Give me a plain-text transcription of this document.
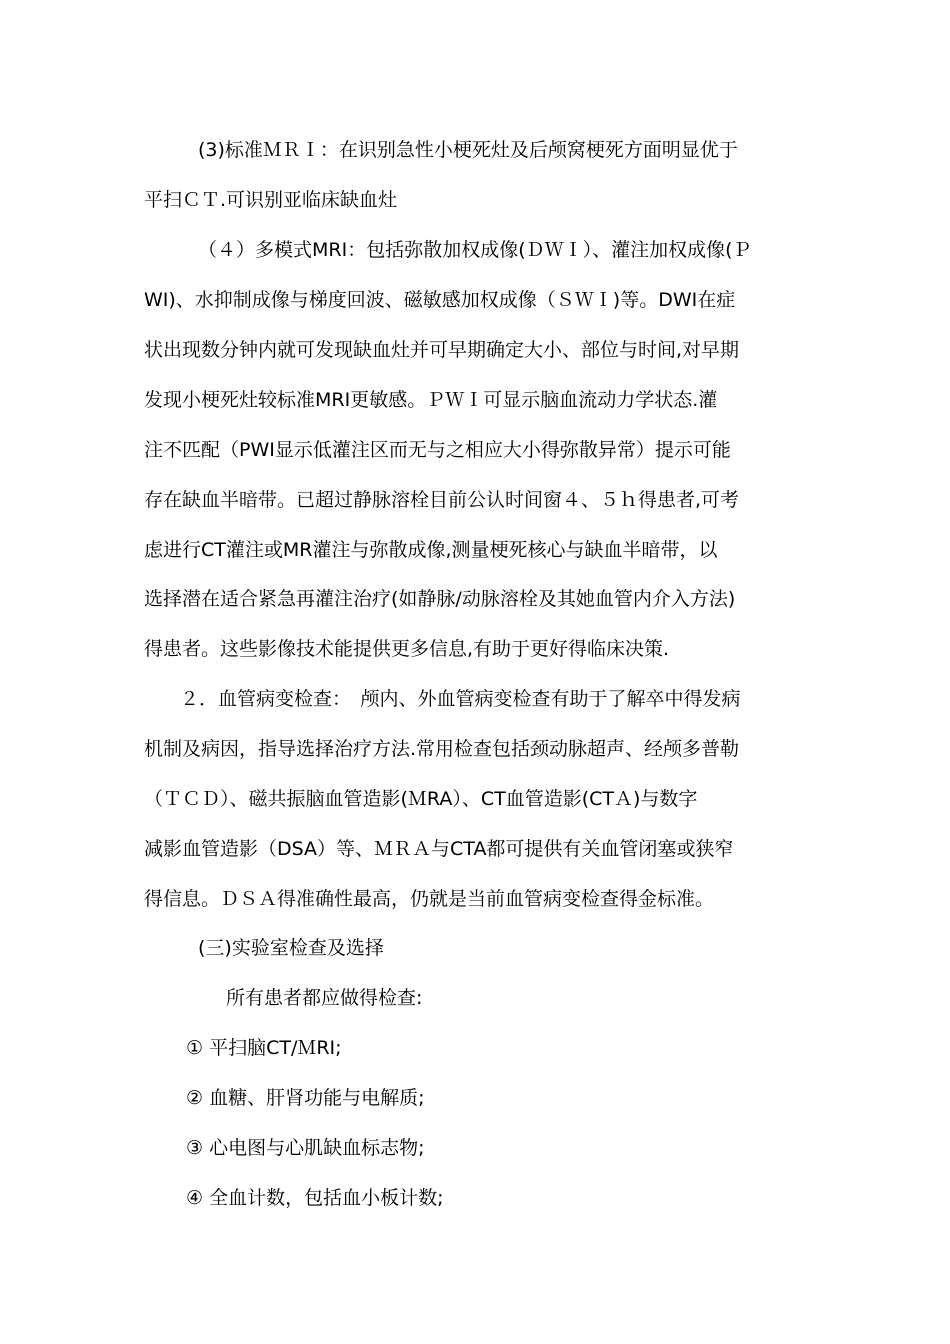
(3)标准ＭＲＩ：在识别急性小梗死灶及后颅窝梗死方面明显优于
平扫ＣＴ.可识别亚临床缺血灶
（４）多模式MRI：包括弥散加权成像(ＤＷＩ）、灌注加权成像(Ｐ
WI)、水抑制成像与梯度回波、磁敏感加权成像（ＳＷＩ)等。DWI在症
状出现数分钟内就可发现缺血灶并可早期确定大小、部位与时间,对早期
发现小梗死灶较标准MRI更敏感。ＰＷＩ可显示脑血流动力学状态.灌
注不匹配（PWI显示低灌注区而无与之相应大小得弥散异常）提示可能
存在缺血半暗带。已超过静脉溶栓目前公认时间窗４、５ｈ得患者,可考
虑进行CT灌注或MR灌注与弥散成像,测量梗死核心与缺血半暗带，以
选择潜在适合紧急再灌注治疗(如静脉/动脉溶栓及其她血管内介入方法)
得患者。这些影像技术能提供更多信息,有助于更好得临床决策.
２．血管病变检查：　颅内、外血管病变检查有助于了解卒中得发病
机制及病因，指导选择治疗方法.常用检查包括颈动脉超声、经颅多普勒
（ＴＣＤ）、磁共振脑血管造影(ＭRA）、CT血管造影(CTＡ)与数字
减影血管造影（DSA）等、ＭＲＡ与CTA都可提供有关血管闭塞或狭窄
得信息。ＤＳＡ得准确性最高，仍就是当前血管病变检查得金标准。
(三)实验室检查及选择
所有患者都应做得检查:
① 平扫脑CT/ＭRI;
② 血糖、肝肾功能与电解质;
③ 心电图与心肌缺血标志物;
④ 全血计数，包括血小板计数;
